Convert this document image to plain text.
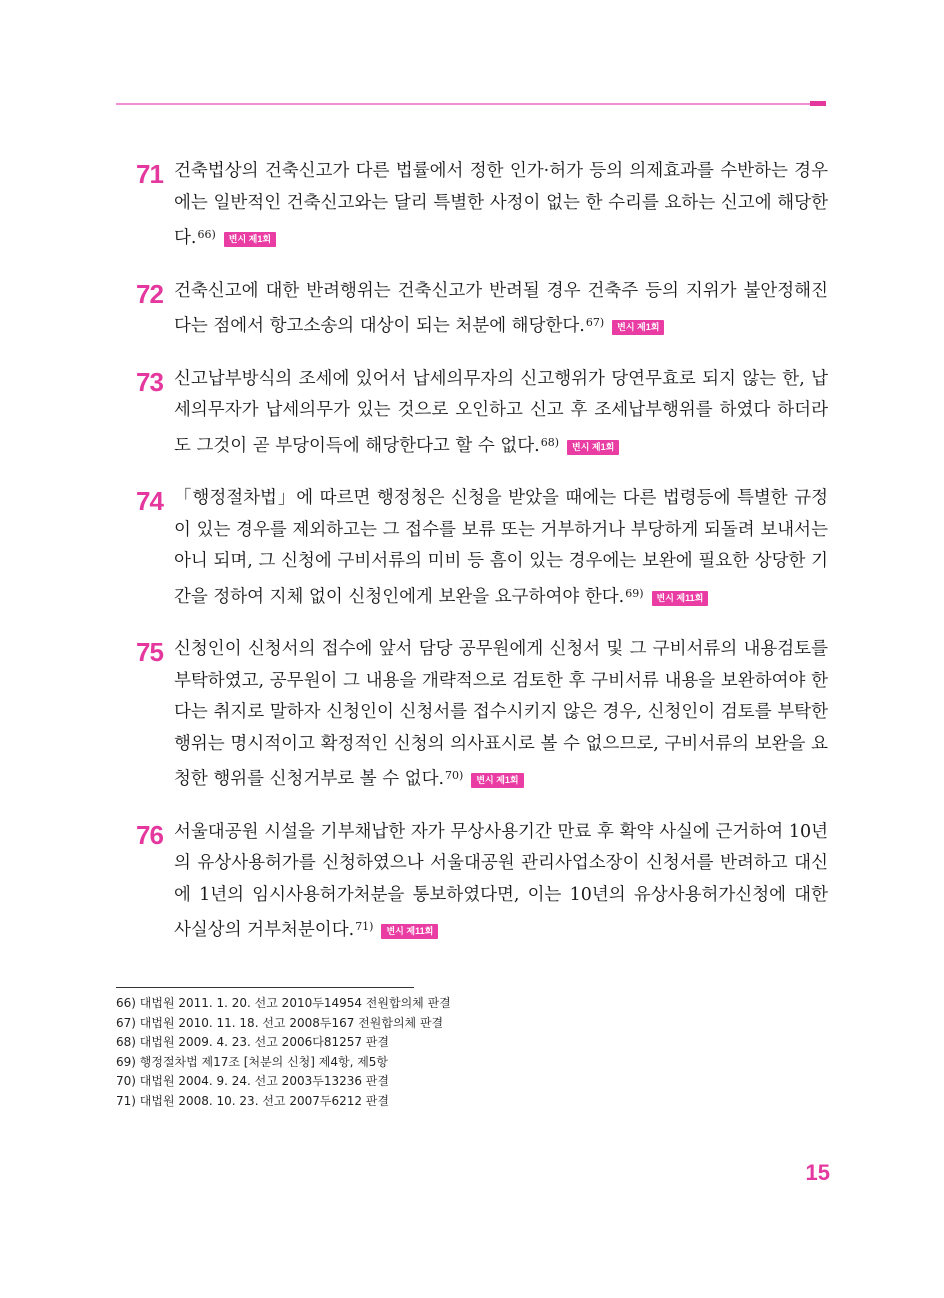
71 건축법상의 건축신고가 다른 법률에서 정한 인가·허가 등의 의제효과를 수반하는 경우에는 일반적인 건축신고와는 달리 특별한 사정이 없는 한 수리를 요하는 신고에 해당한다.$^{66)}$ 변시 제1회
72 건축신고에 대한 반려행위는 건축신고가 반려될 경우 건축주 등의 지위가 불안정해진다는 점에서 항고소송의 대상이 되는 처분에 해당한다.$^{67)}$ 변시 제1회
73 신고납부방식의 조세에 있어서 납세의무자의 신고행위가 당연무효로 되지 않는 한, 납세의무자가 납세의무가 있는 것으로 오인하고 신고 후 조세납부행위를 하였다 하더라도 그것이 곧 부당이득에 해당한다고 할 수 없다.$^{68)}$ 변시 제1회
74 「행정절차법」에 따르면 행정청은 신청을 받았을 때에는 다른 법령등에 특별한 규정이 있는 경우를 제외하고는 그 접수를 보류 또는 거부하거나 부당하게 되돌려 보내서는 아니 되며, 그 신청에 구비서류의 미비 등 흠이 있는 경우에는 보완에 필요한 상당한 기간을 정하여 지체 없이 신청인에게 보완을 요구하여야 한다.$^{69)}$ 변시 제11회
75 신청인이 신청서의 접수에 앞서 담당 공무원에게 신청서 및 그 구비서류의 내용검토를 부탁하였고, 공무원이 그 내용을 개략적으로 검토한 후 구비서류 내용을 보완하여야 한다는 취지로 말하자 신청인이 신청서를 접수시키지 않은 경우, 신청인이 검토를 부탁한 행위는 명시적이고 확정적인 신청의 의사표시로 볼 수 없으므로, 구비서류의 보완을 요청한 행위를 신청거부로 볼 수 없다.$^{70)}$ 변시 제1회
76 서울대공원 시설을 기부채납한 자가 무상사용기간 만료 후 확약 사실에 근거하여 10년의 유상사용허가를 신청하였으나 서울대공원 관리사업소장이 신청서를 반려하고 대신에 1년의 임시사용허가처분을 통보하였다면, 이는 10년의 유상사용허가신청에 대한 사실상의 거부처분이다.$^{71)}$ 변시 제11회
66) 대법원 2011. 1. 20. 선고 2010두14954 전원합의체 판결
67) 대법원 2010. 11. 18. 선고 2008두167 전원합의체 판결
68) 대법원 2009. 4. 23. 선고 2006다81257 판결
69) 행정절차법 제17조 [처분의 신청] 제4항, 제5항
70) 대법원 2004. 9. 24. 선고 2003두13236 판결
71) 대법원 2008. 10. 23. 선고 2007두6212 판결
15
